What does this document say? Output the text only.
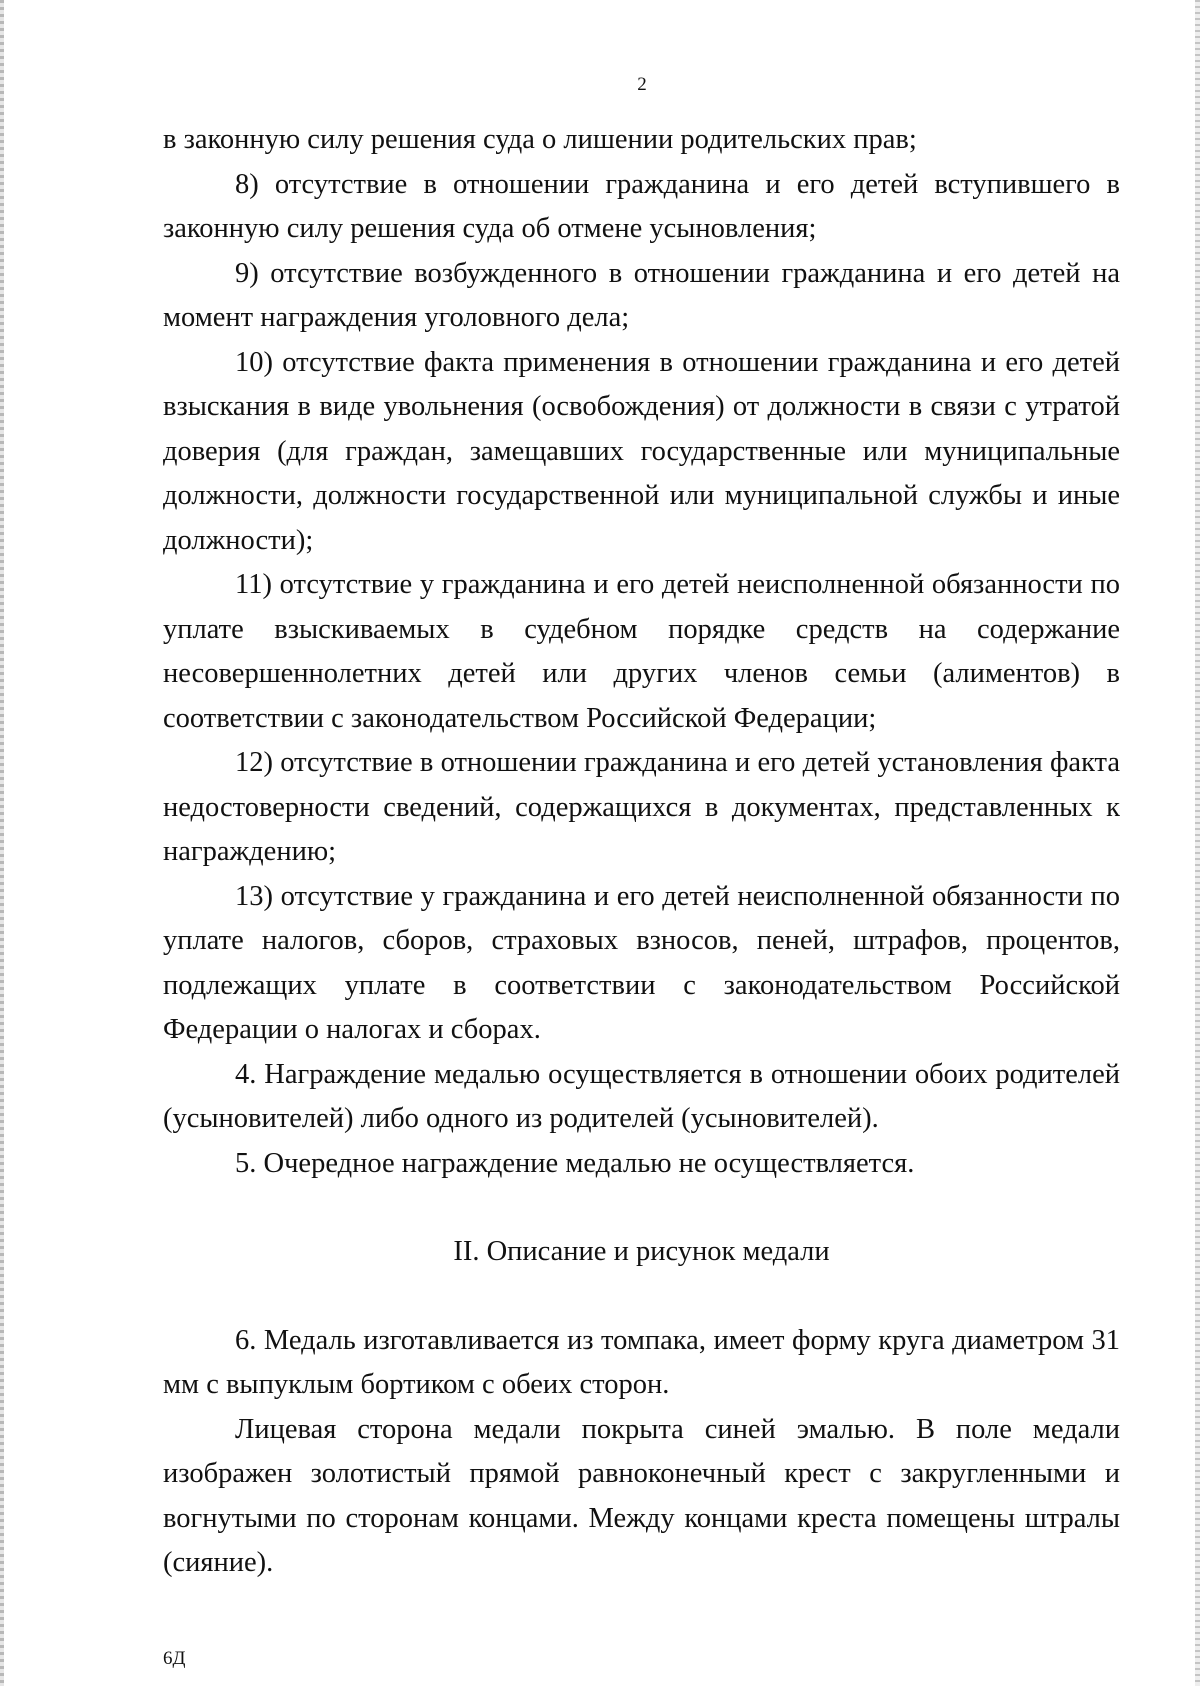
2

в законную силу решения суда о лишении родительских прав;

8) отсутствие в отношении гражданина и его детей вступившего в законную силу решения суда об отмене усыновления;

9) отсутствие возбужденного в отношении гражданина и его детей на момент награждения уголовного дела;

10) отсутствие факта применения в отношении гражданина и его детей взыскания в виде увольнения (освобождения) от должности в связи с утратой доверия (для граждан, замещавших государственные или муниципальные должности, должности государственной или муниципальной службы и иные должности);

11) отсутствие у гражданина и его детей неисполненной обязанности по уплате взыскиваемых в судебном порядке средств на содержание несовершеннолетних детей или других членов семьи (алиментов) в соответствии с законодательством Российской Федерации;

12) отсутствие в отношении гражданина и его детей установления факта недостоверности сведений, содержащихся в документах, представленных к награждению;

13) отсутствие у гражданина и его детей неисполненной обязанности по уплате налогов, сборов, страховых взносов, пеней, штрафов, процентов, подлежащих уплате в соответствии с законодательством Российской Федерации о налогах и сборах.

4. Награждение медалью осуществляется в отношении обоих родителей (усыновителей) либо одного из родителей (усыновителей).

5. Очередное награждение медалью не осуществляется.

II. Описание и рисунок медали

6. Медаль изготавливается из томпака, имеет форму круга диаметром 31 мм с выпуклым бортиком с обеих сторон.

Лицевая сторона медали покрыта синей эмалью. В поле медали изображен золотистый прямой равноконечный крест с закругленными и вогнутыми по сторонам концами. Между концами креста помещены штралы (сияние).

6Д
